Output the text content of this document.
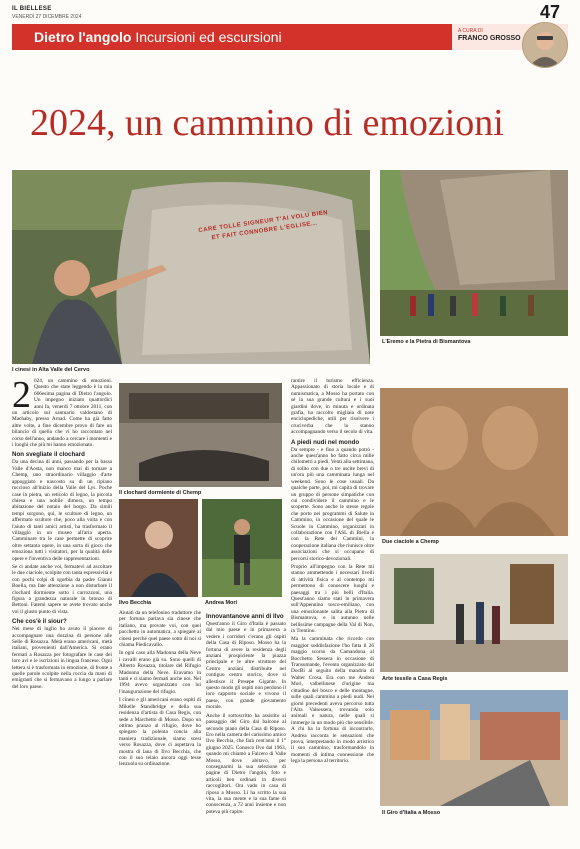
IL BIELLESE
VENERDÌ 27 DICEMBRE 2024	47
Dietro l'angolo Incursioni ed escursioni	A CURA DI
FRANCO GROSSO
2024, un cammino di emozioni
CARE TOLLE SIGNEUR T'AI VOLU BIEN ET FAIT CONNOBRE L'EGLISE...
I cinesi in Alta Valle del Cervo
L'Eremo e la Pietra di Bismantova
Il clochard dormiente di Chemp
Ilvo Becchia	Andrea Mori
Due ciaciole a Chemp
Arte tessile a Casa Regis
Il Giro d'Italia a Mosso
2 024, un cammino di emozioni. Questo che state leggendo è la mia 666esima pagina di Dietro l'angolo. Un impegno iniziato quattordici anni fa, venerdì 7 ottobre 2011, con un articolo sul santuario valdostano di Machaby, presso Arnad. Come ha già fatto altre volte, a fine dicembre provo di fare un bilancio di quello che vi ho raccontato nel corso dell'anno, andando a cercare i momenti e i luoghi che più mi hanno emozionato.

Non svegliate il clochard

Da una decina di anni, passando per la bassa Valle d'Aosta, non manco mai di tornare a Chemp, uno straordinario villaggio d'arte appoggiato e nascosto su di un ripiano roccioso all'inizio della Valle del Lys. Poche case in pietra, un reticolo di legno, la piccola chiesa e una nobile dimora, un tempo abitazione del notaio del borgo. Da simili tempi sorgono, qui, le sculture di legno, un affermato scultore che, poco alla volta e con l'aiuto di tanti amici artisti, ha trasformato il villaggio in un museo all'aria aperta. Camminare tra le case permette di scoprire oltre settanta opere, in una sorta di gioco che emoziona tutti i visitatori, per la qualità delle opere e l'inventiva delle rappresentazioni.

Se ci andate anche voi, fermatevi ad ascoltare le due ciaciole, scolpite con tanta espressività e con pochi colpi di sgorbia da padre Gianni Boella, ma fate attenzione a non disturbare il clochard dormiente sotto i carrozzoni, una figura a grandezza naturale in bronzo di Bettoni. Fatemi sapere se avete trovato anche voi il giusto punto di vista.

Che cos'è il siour?

Nel mese di luglio ho avuto il piacere di accompagnare una dozzina di persone alle Selle di Rosazza. Metà erano americani, metà italiani, provenienti dall'America. Si erano fermati a Rosazza per fotografare le case dei loro avi e le iscrizioni in lingua francese. Ogni lettera si è trasformata in emozione, di fronte a quelle parole scolpite nella roccia da mani di emigranti che si fermavano a lungo a parlare del loro paese.

Aiutati da un telefonino traduttore che per fortuna parlava sia cinese che italiano, ma provate voi, con quel pacchetto in automatica, a spiegare ai cinesi perché quel paese sotto di noi si chiama Piedicavallo.

In ogni caso alla Madonna della Neve i cavalli erano già su. Sono quelli di Alberto Rosazza, titolare del Rifugio Madonna della Neve. Eravamo in tanti e ci siamo fermati anche noi. Nel 1994 avevo organizzato con lui l'inaugurazione del rifugio.

I cinesi e gli americani erano ospiti di Mikelle Standbridge e della sua residenza d'artista di Casa Regis, con sede a Marchetto di Mosso. Dopo un ottimo pranzo al rifugio, dove ho spiegato la polenta concia alla maniera tradizionale, siamo scesi verso Rosazza, dove ci aspettava la mostra di lana di Ilvo Becchia, che con il suo telaio ancora oggi tesse lenzuola su ordinazione.

Innovantanove anni di Ilvo

Quest'anno il Giro d'Italia è passato dal mio paese e in primavera a vedere i corridori c'erano gli ospiti della Casa di Riposo. Mosso ha la fortuna di avere la residenza degli anziani prospiciente la piazza principale e le altre strutture del Centro anziani distribuite nel contiguo centro storico, dove si allestisce il Presepe Gigante. In questo modo gli ospiti non perdono il loro rapporto sociale e vivono il paese, con grande giovamento morale.

Anche il sottoscritto ha assistito al passaggio del Giro dal balcone al secondo piano della Casa di Riposo. Ero nella camera del carissimo amico Ilvo Becchia, che farà cent'anni il 1° giugno 2025. Conosco Ilvo dal 1963, quando mi chiamò a Falcero di Valle Mosso, dove abitavo, per consegnarmi la sua selezione di pagine di Dietro l'angolo, foto e articoli ben ordinati in diversi raccoglitori. Ora vado in casa di riposo a Mosso. Lì ha scritto la sua vita, la sua mente e la sua fame di conoscenza, a 72 anni insieme e non poteva più capire.

rantire il turismo efficienza. Appassionato di storia locale e di numismatica, a Mosso ha portato con sé la sua grande cultura e i suoi giardini dove, in minuta e ordinata grafia, ha raccolto migliaia di note enciclopediche, utili per risolvere i cruciverba che lo stanno accompagnando verso il secolo di vita.

A piedi nudi nel mondo

Da sempre - e fino a quando potrò - anche quest'anno ho fatto circa mille chilometri a piedi. Venti alla settimana, di solito con due o tre uscite brevi di un'ora più una camminata lunga nel weekend. Sono le cose usuali. Da qualche parte, poi, mi capita di trovare un gruppo di persone simpatiche con cui condividere il cammino e le scoperte. Sono anche le stesse regole che porto nei programmi di Salute in Cammino, in occasione del quale le Scuole in Cammino, organizzati in collaborazione con l'ASL di Biella e con la Rete dei Cammini, la cooperazione italiana che riunisce oltre associazioni che si occupano di percorsi storico-devozionali.

Proprio all'impegno con la Rete mi stanno ammettendo i necessari livelli di attività fisica e al contempo mi permettono di conoscere luoghi e paesaggi tra i più belli d'Italia. Quest'anno siamo stati in primavera sull'Appennino tosco-emiliano, con una emozionante salita alla Pietra di Bismantova, e in autunno nelle bellissime campagne della Val di Non, in Trentino.

Ma la camminata che ricordo con maggior soddisfazione l'ho fatta il 26 maggio scorso da Camandona al Bocchetto Sessera in occasione di Transumande, l'evento organizzato dal DocBi al seguito della mandria di Walter Crosa. Era con me Andrea Mori, valbellinese d'origine ma cittadino del bosco e delle montagne, sulle quali cammina a piedi nudi. Nei giorni precedenti aveva percorso tutta l'Alta Valsessera, trovando solo animali e natura, nelle quali si immerge in un modo più che sensibile. A chi ha la fortuna di incontrarlo, Andrea racconta le sensazioni che prova, interpretando in modo artistico il suo cammino, trasformandolo in momenti di intima connessione che lega la persona al territorio.
